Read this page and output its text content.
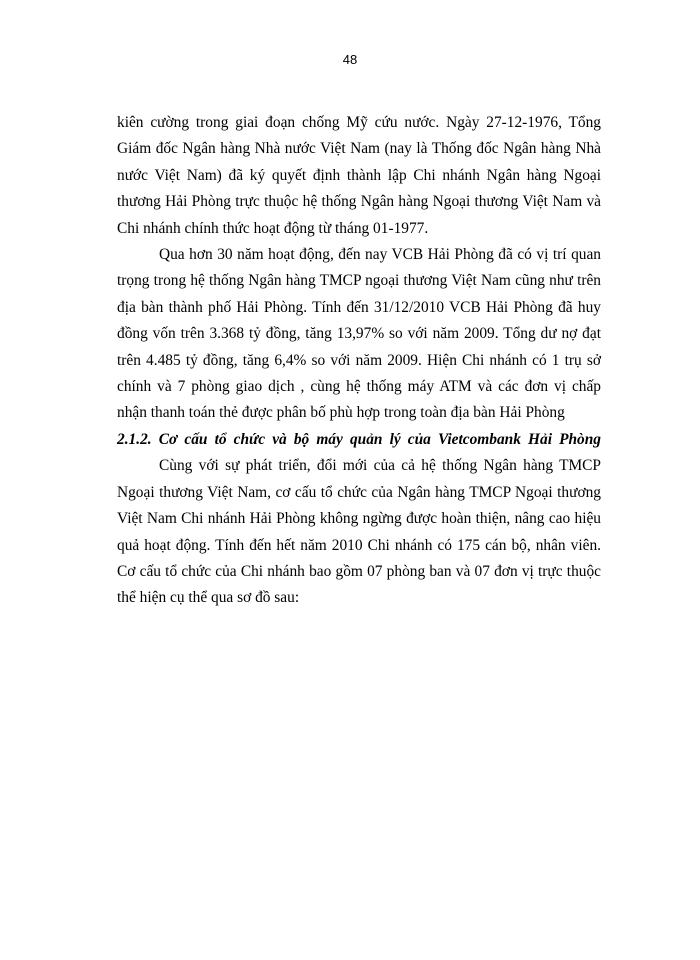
48

kiên cường trong giai đoạn chống Mỹ cứu nước. Ngày 27-12-1976, Tổng
Giám đốc Ngân hàng Nhà nước Việt Nam (nay là Thống đốc Ngân hàng Nhà
nước Việt Nam) đã ký quyết định thành lập Chi nhánh Ngân hàng Ngoại
thương Hải Phòng trực thuộc hệ thống Ngân hàng Ngoại thương Việt Nam và
Chi nhánh chính thức hoạt động từ tháng 01-1977.

Qua hơn 30 năm hoạt động, đến nay VCB Hải Phòng đã có vị trí quan
trọng trong hệ thống Ngân hàng TMCP ngoại thương Việt Nam cũng như trên
địa bàn thành phố Hải Phòng. Tính đến 31/12/2010 VCB Hải Phòng đã huy
đồng vốn trên 3.368 tỷ đồng, tăng 13,97% so với năm 2009. Tổng dư nợ đạt
trên 4.485 tỷ đồng, tăng 6,4% so với năm 2009. Hiện Chi nhánh có 1 trụ sở
chính và 7 phòng giao dịch , cùng hệ thống máy ATM và các đơn vị chấp
nhận thanh toán thẻ được phân bố phù hợp trong toàn địa bàn Hải Phòng

2.1.2. Cơ cấu tổ chức và bộ máy quản lý của Vietcombank Hải Phòng

Cùng với sự phát triển, đổi mới của cả hệ thống Ngân hàng TMCP
Ngoại thương Việt Nam, cơ cấu tổ chức của Ngân hàng TMCP Ngoại thương
Việt Nam Chi nhánh Hải Phòng không ngừng được hoàn thiện, nâng cao hiệu
quả hoạt động. Tính đến hết năm 2010 Chi nhánh có 175 cán bộ, nhân viên.
Cơ cấu tổ chức của Chi nhánh bao gồm 07 phòng ban và 07 đơn vị trực thuộc
thể hiện cụ thể qua sơ đồ sau:
